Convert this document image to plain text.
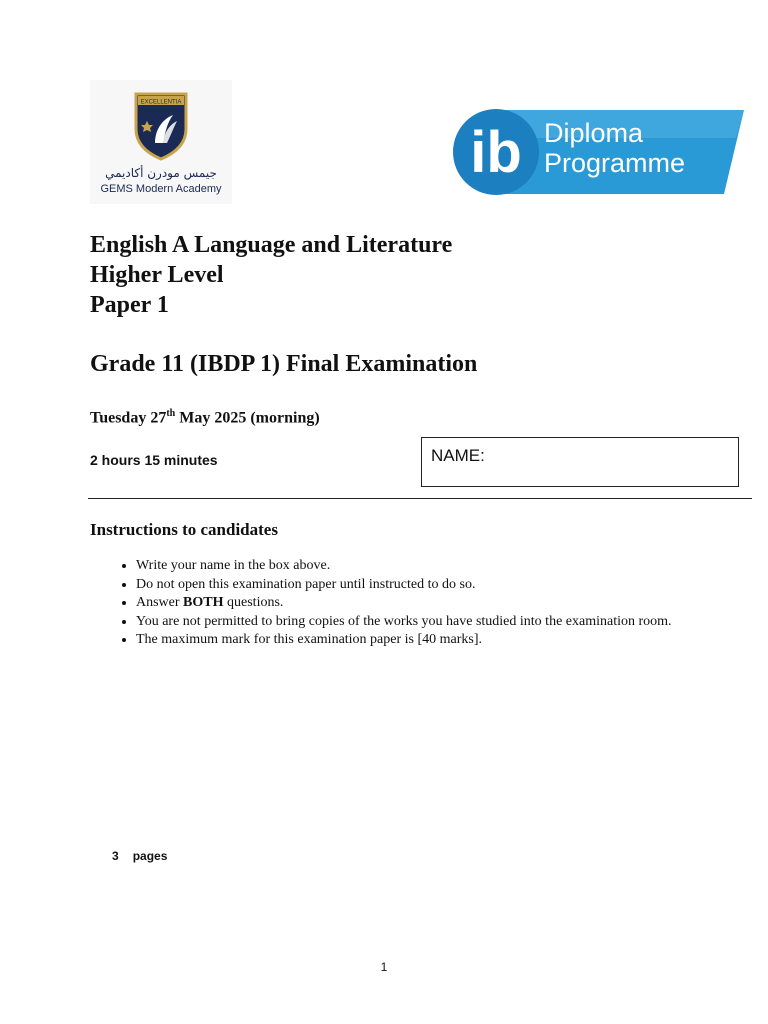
EXCELLENTIA
جيمس مودرن أكاديمي
GEMS Modern Academy
ib Diploma
Programme
English A Language and Literature
Higher Level
Paper 1
Grade 11 (IBDP 1) Final Examination
Tuesday 27th May 2025 (morning)
2 hours 15 minutes	NAME:
Instructions to candidates
• Write your name in the box above.
• Do not open this examination paper until instructed to do so.
• Answer BOTH questions.
• You are not permitted to bring copies of the works you have studied into the examination room.
• The maximum mark for this examination paper is [40 marks].
3 pages
1
